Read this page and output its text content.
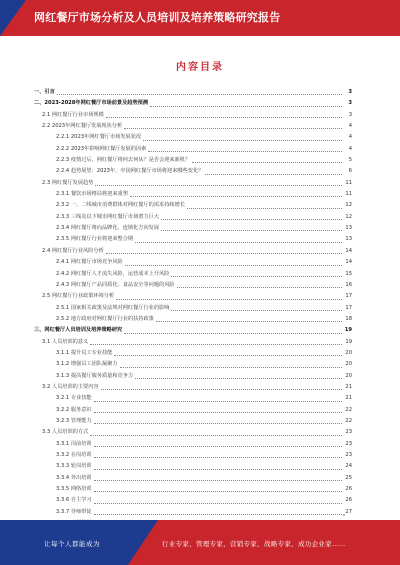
网红餐厅市场分析及人员培训及培养策略研究报告
内容目录
一、引言	3
二、2023-2028年网红餐厅市场前景及趋势预测	3
2.1 网红餐厅行业市场规模	3
2.2 2023年网红餐厅发展现状分析	4
2.2.1 2023年网红餐厅市场发展状况	4
2.2.2 2023年影响网红餐厅发展的因素	4
2.2.3 疫情过后，网红餐厅将何去何从？是否会迎来新机？	5
2.2.4 趋势展望：2023年，中国网红餐厅市场将迎来哪些变化？	6
2.3 网红餐厅发展趋势	11
2.3.1 餐饮市场格局将迎来重塑	11
2.3.2 一、二线城市消费群体对网红餐厅的需求持续增长	12
2.3.3 三线及以下城市网红餐厅市场潜力巨大	12
2.3.4 网红餐厅将向品牌化、连锁化方向发展	13
2.3.5 网红餐厅行业将迎来整合期	13
2.4 网红餐厅行业风险分析	14
2.4.1 网红餐厅市场竞争风险	14
2.4.2 网红餐厅人才流失风险，运营成本上升风险	15
2.4.3 网红餐厅产品同质化、食品安全等问题的风险	16
2.5 网红餐厅行业政策环境分析	17
2.5.1 国家相关政策及法规对网红餐厅行业的影响	17
2.5.2 地方政府对网红餐厅行业的扶持政策	18
三、网红餐厅人员培训及培养策略研究	19
3.1 人员培训的意义	19
3.1.1 提升员工专业技能	20
3.1.2 增强员工团队凝聚力	20
3.1.3 提高餐厅服务质量和竞争力	20
3.2 人员培训的主要内容	21
3.2.1 专业技能	21
3.2.2 服务意识	22
3.2.3 管理能力	22
3.3 人员培训的方式	23
3.3.1 岗前培训	23
3.3.2 在岗培训	23
3.3.3 轮岗培训	24
3.3.4 外出培训	25
3.3.5 网络培训	26
3.3.6 自主学习	26
3.3.7 导师带徒	27
让每个人都能成为	行业专家、管理专家、营销专家、战略专家、成功企业家……
